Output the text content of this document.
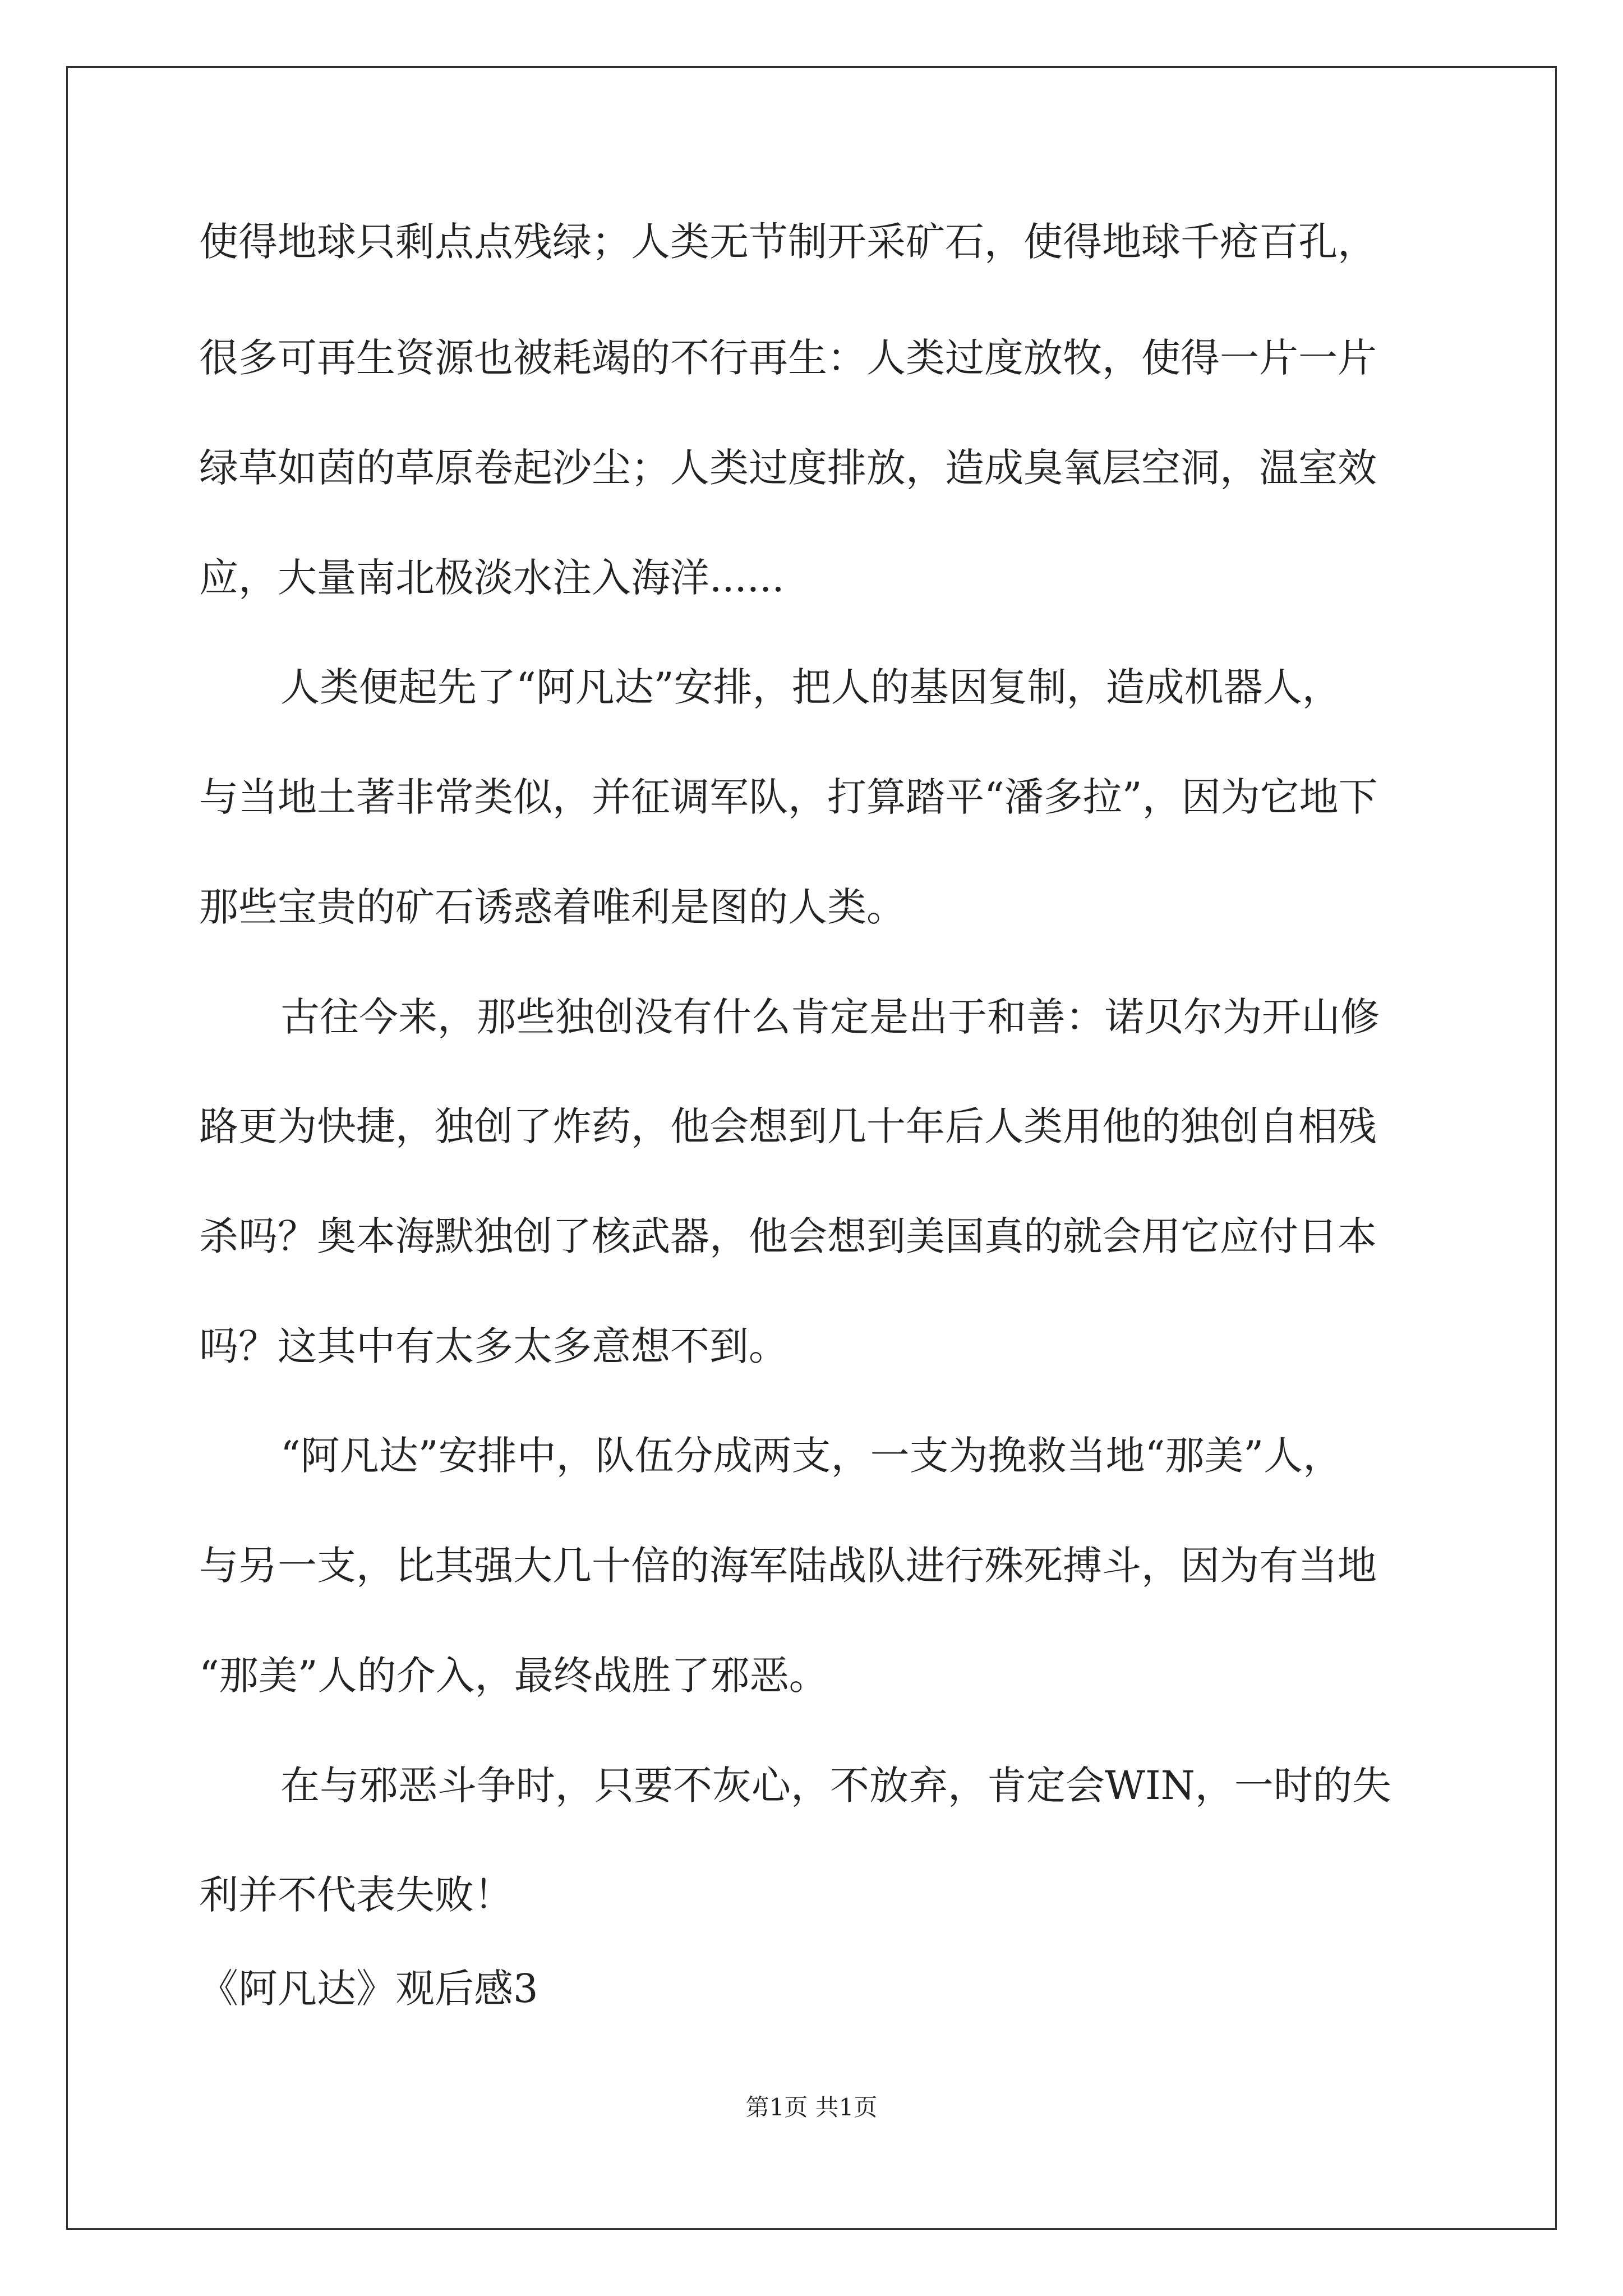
使得地球只剩点点残绿；人类无节制开采矿石，使得地球千疮百孔，
很多可再生资源也被耗竭的不行再生：人类过度放牧，使得一片一片
绿草如茵的草原卷起沙尘；人类过度排放，造成臭氧层空洞，温室效
应，大量南北极淡水注入海洋......
人类便起先了“阿凡达”安排，把人的基因复制，造成机器人，
与当地土著非常类似，并征调军队，打算踏平“潘多拉”，因为它地下
那些宝贵的矿石诱惑着唯利是图的人类。
古往今来，那些独创没有什么肯定是出于和善：诺贝尔为开山修
路更为快捷，独创了炸药，他会想到几十年后人类用他的独创自相残
杀吗？奥本海默独创了核武器，他会想到美国真的就会用它应付日本
吗？这其中有太多太多意想不到。
“阿凡达”安排中，队伍分成两支，一支为挽救当地“那美”人，
与另一支，比其强大几十倍的海军陆战队进行殊死搏斗，因为有当地
“那美”人的介入，最终战胜了邪恶。
在与邪恶斗争时，只要不灰心，不放弃，肯定会WIN，一时的失
利并不代表失败！
《阿凡达》观后感3
第1页 共1页
